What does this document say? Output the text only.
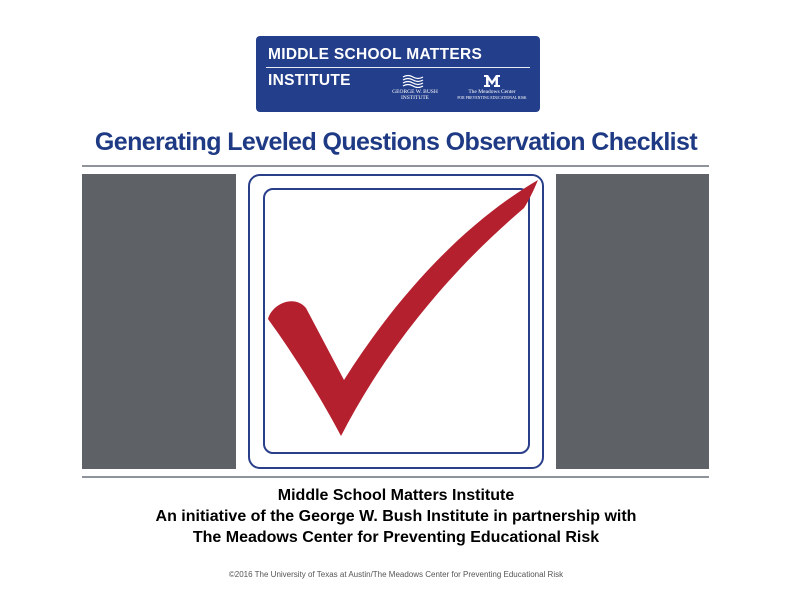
MIDDLE SCHOOL MATTERS
INSTITUTE
GEORGE W. BUSH
INSTITUTE
The Meadows Center
FOR PREVENTING EDUCATIONAL RISK
Generating Leveled Questions Observation Checklist
Middle School Matters Institute
An initiative of the George W. Bush Institute in partnership with
The Meadows Center for Preventing Educational Risk
©2016 The University of Texas at Austin/The Meadows Center for Preventing Educational Risk
